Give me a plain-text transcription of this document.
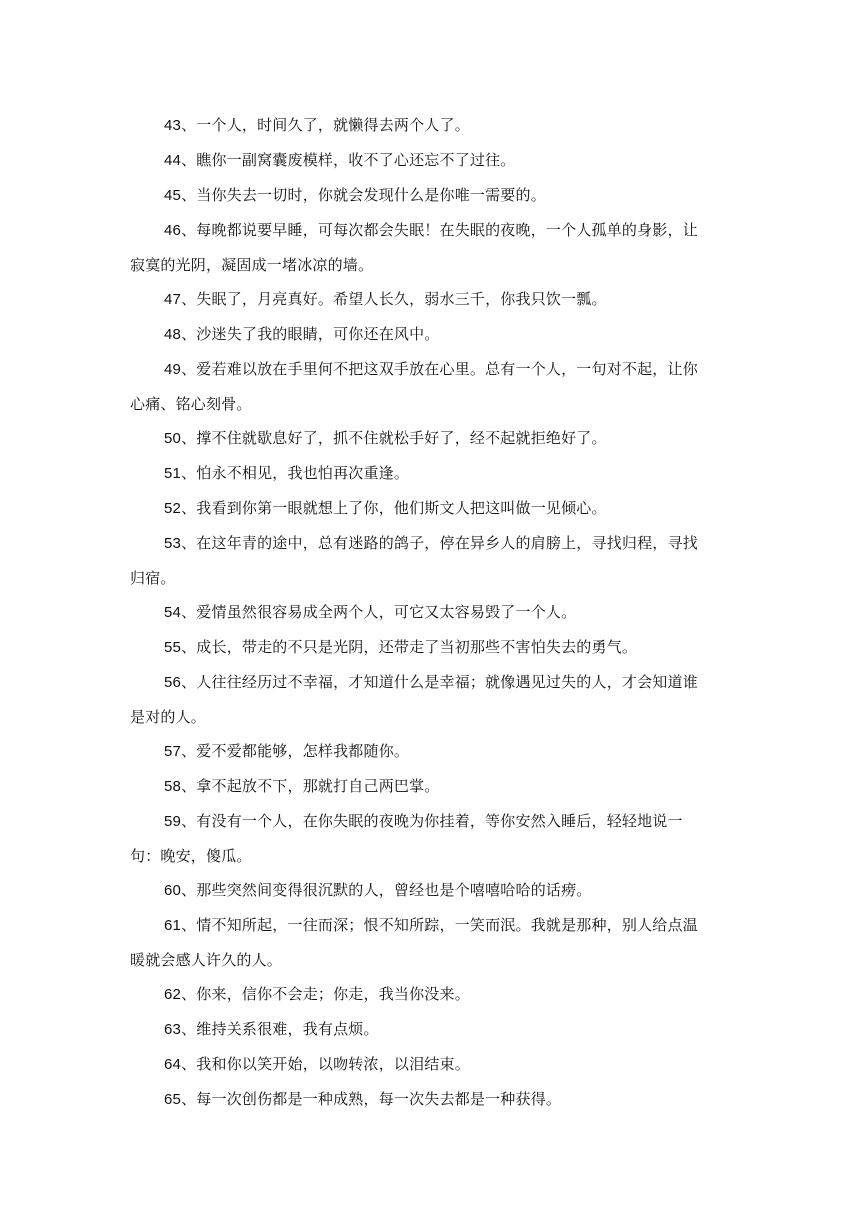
43、一个人，时间久了，就懒得去两个人了。

44、瞧你一副窝囊废模样，收不了心还忘不了过往。

45、当你失去一切时，你就会发现什么是你唯一需要的。

46、每晚都说要早睡，可每次都会失眠！在失眠的夜晚，一个人孤单的身影，让寂寞的光阴，凝固成一堵冰凉的墙。

47、失眠了，月亮真好。希望人长久，弱水三千，你我只饮一瓢。

48、沙迷失了我的眼睛，可你还在风中。

49、爱若难以放在手里何不把这双手放在心里。总有一个人，一句对不起，让你心痛、铭心刻骨。

50、撑不住就歇息好了，抓不住就松手好了，经不起就拒绝好了。

51、怕永不相见，我也怕再次重逢。

52、我看到你第一眼就想上了你，他们斯文人把这叫做一见倾心。

53、在这年青的途中，总有迷路的鸽子，停在异乡人的肩膀上，寻找归程，寻找归宿。

54、爱情虽然很容易成全两个人，可它又太容易毁了一个人。

55、成长，带走的不只是光阴，还带走了当初那些不害怕失去的勇气。

56、人往往经历过不幸福，才知道什么是幸福；就像遇见过失的人，才会知道谁是对的人。

57、爱不爱都能够，怎样我都随你。

58、拿不起放不下，那就打自己两巴掌。

59、有没有一个人，在你失眠的夜晚为你挂着，等你安然入睡后，轻轻地说一句：晚安，傻瓜。

60、那些突然间变得很沉默的人，曾经也是个嘻嘻哈哈的话痨。

61、情不知所起，一往而深；恨不知所踪，一笑而泯。我就是那种，别人给点温暖就会感人许久的人。

62、你来，信你不会走；你走，我当你没来。

63、维持关系很难，我有点烦。

64、我和你以笑开始，以吻转浓，以泪结束。

65、每一次创伤都是一种成熟，每一次失去都是一种获得。
